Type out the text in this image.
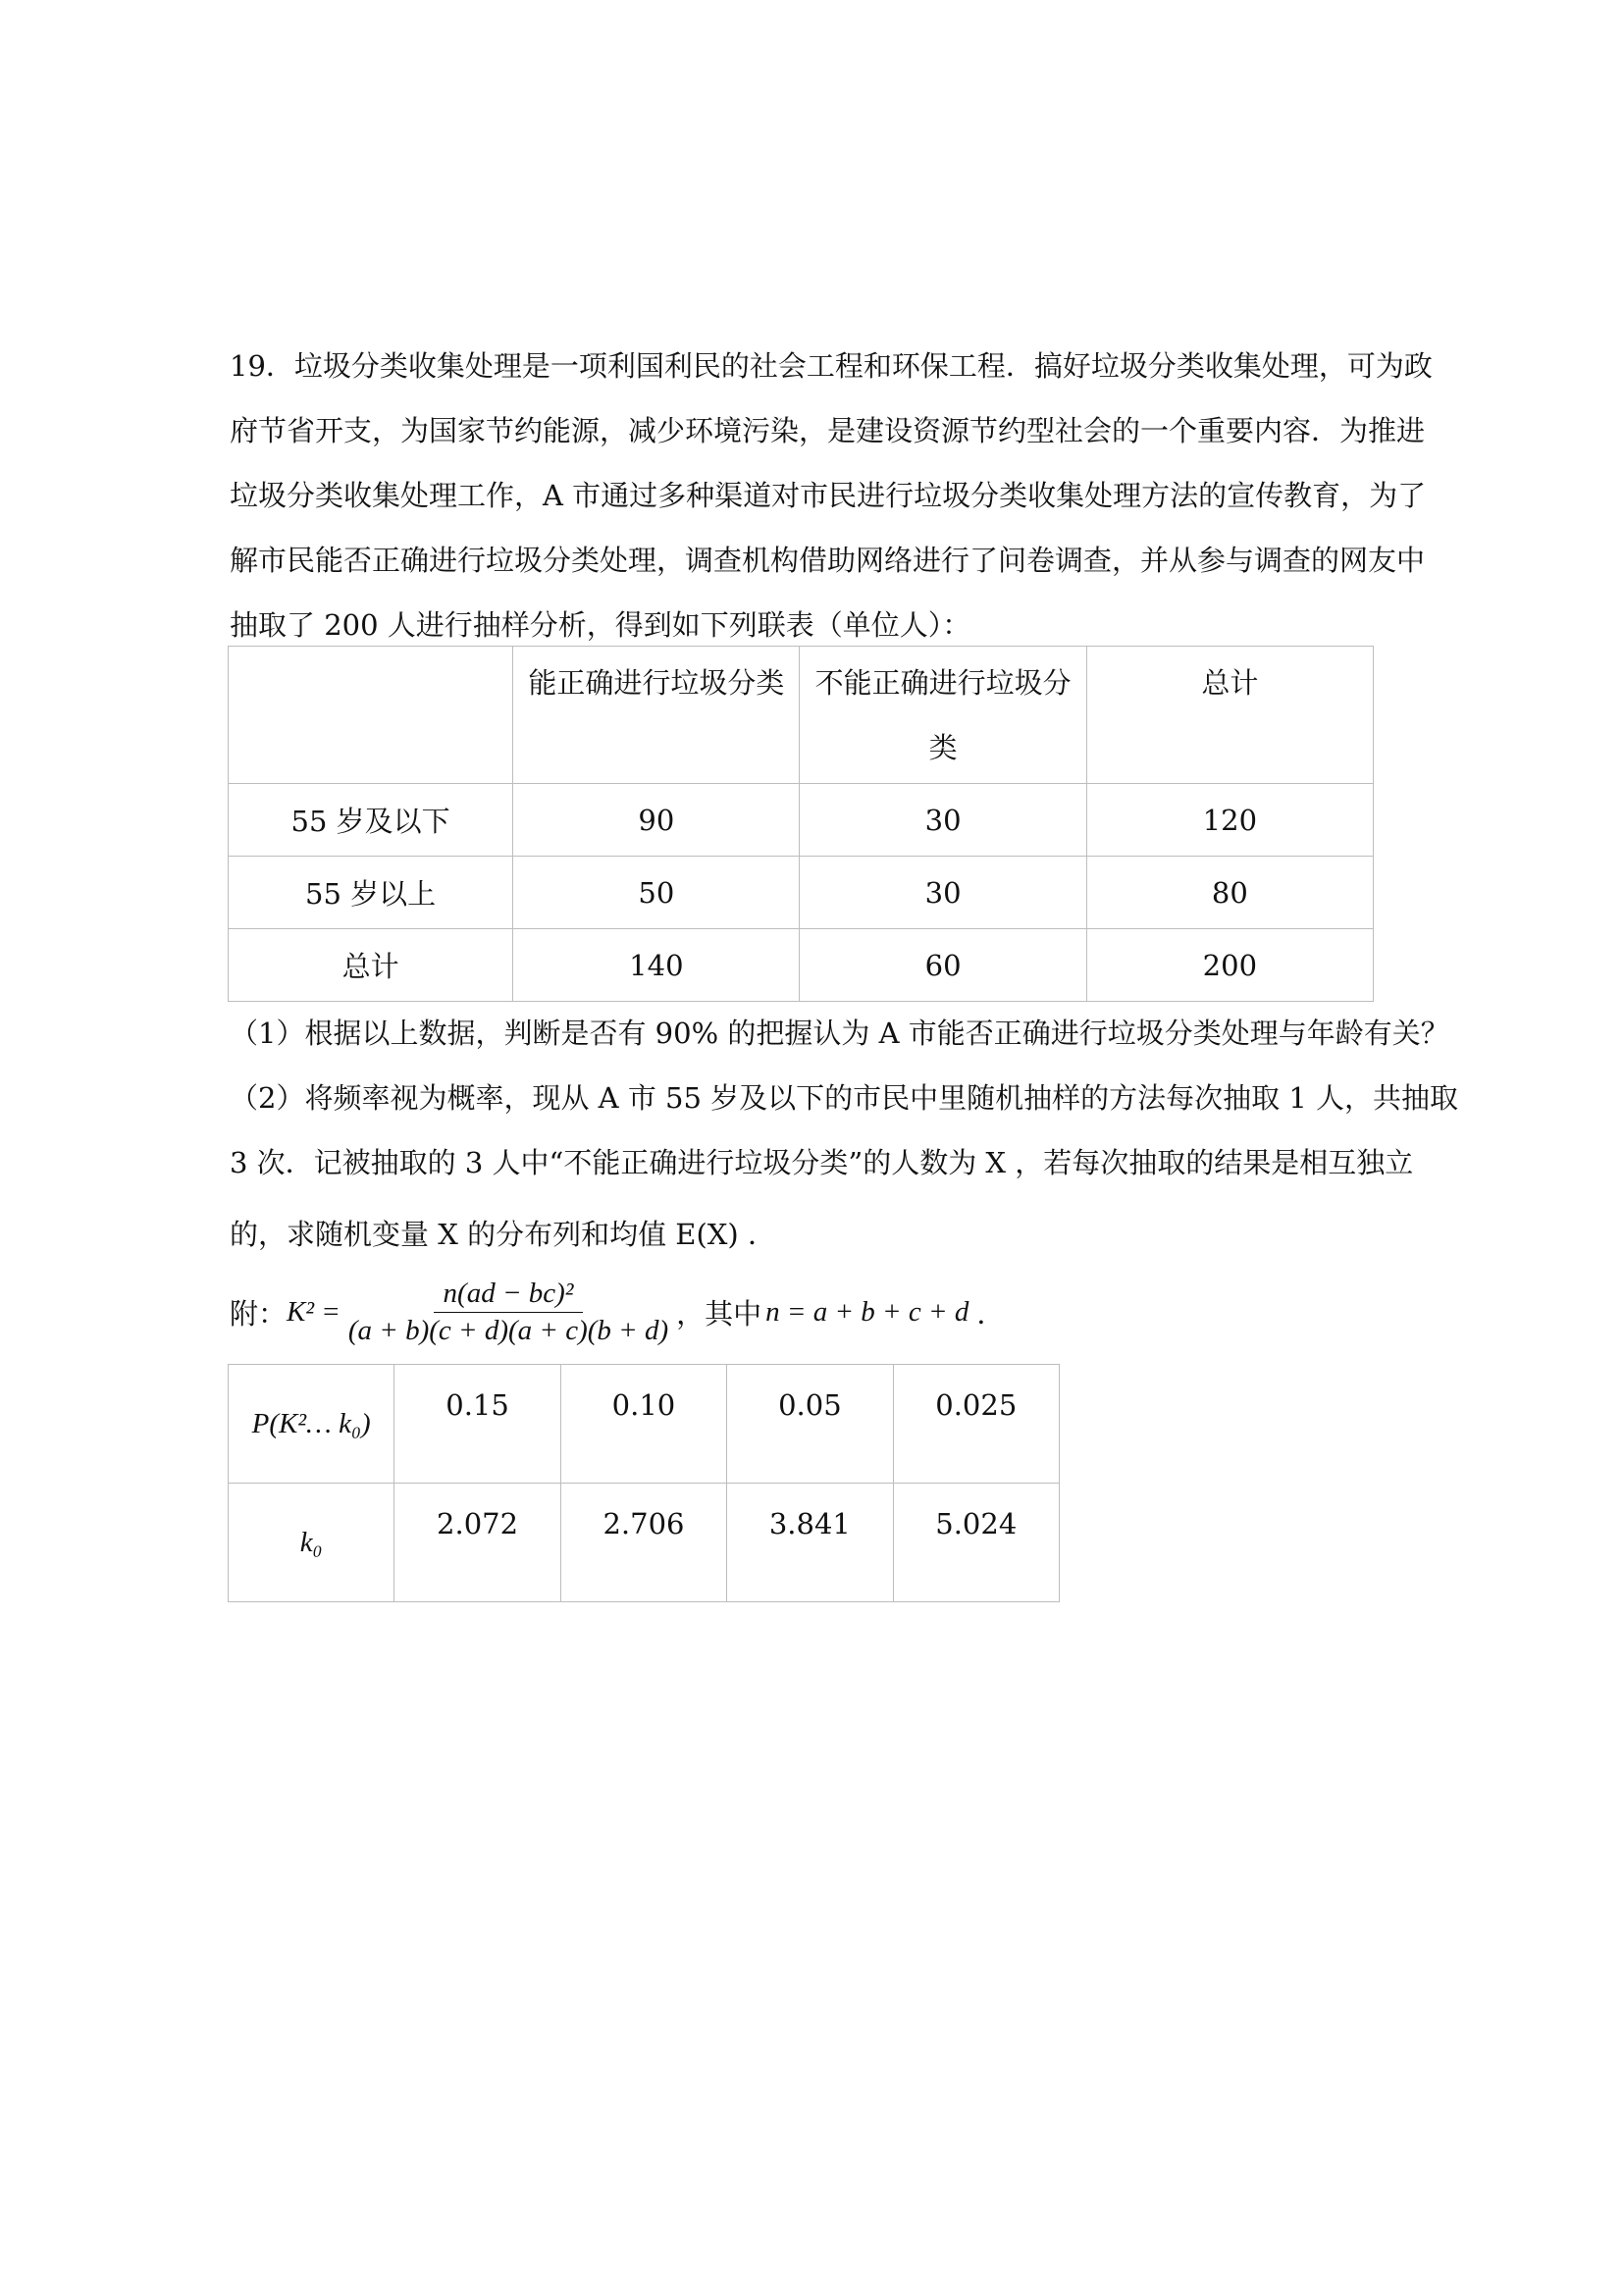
19．垃圾分类收集处理是一项利国利民的社会工程和环保工程．搞好垃圾分类收集处理，可为政

府节省开支，为国家节约能源，减少环境污染，是建设资源节约型社会的一个重要内容．为推进

垃圾分类收集处理工作，A 市通过多种渠道对市民进行垃圾分类收集处理方法的宣传教育，为了

解市民能否正确进行垃圾分类处理，调查机构借助网络进行了问卷调查，并从参与调查的网友中

抽取了 200 人进行抽样分析，得到如下列联表（单位人）：

	能正确进行垃圾分类	不能正确进行垃圾分
类	总计
55 岁及以下	90	30	120
55 岁以上	50	30	80
总计	140	60	200

（1）根据以上数据，判断是否有 90% 的把握认为 A 市能否正确进行垃圾分类处理与年龄有关？

（2）将频率视为概率，现从 A 市 55 岁及以下的市民中里随机抽样的方法每次抽取 1 人，共抽取

3 次．记被抽取的 3 人中“不能正确进行垃圾分类”的人数为 X ，若每次抽取的结果是相互独立

的，求随机变量 X 的分布列和均值 E(X) ．

附： $K^2 = \frac{\text{n(ad − bc)²}}{(a + b)(c + d)(a + c)(b + d)}$ ，其中 n = a + b + c + d ．
P(K²… k₀)	0.15	0.10	0.05	0.025
k₀	2.072	2.706	3.841	5.024
